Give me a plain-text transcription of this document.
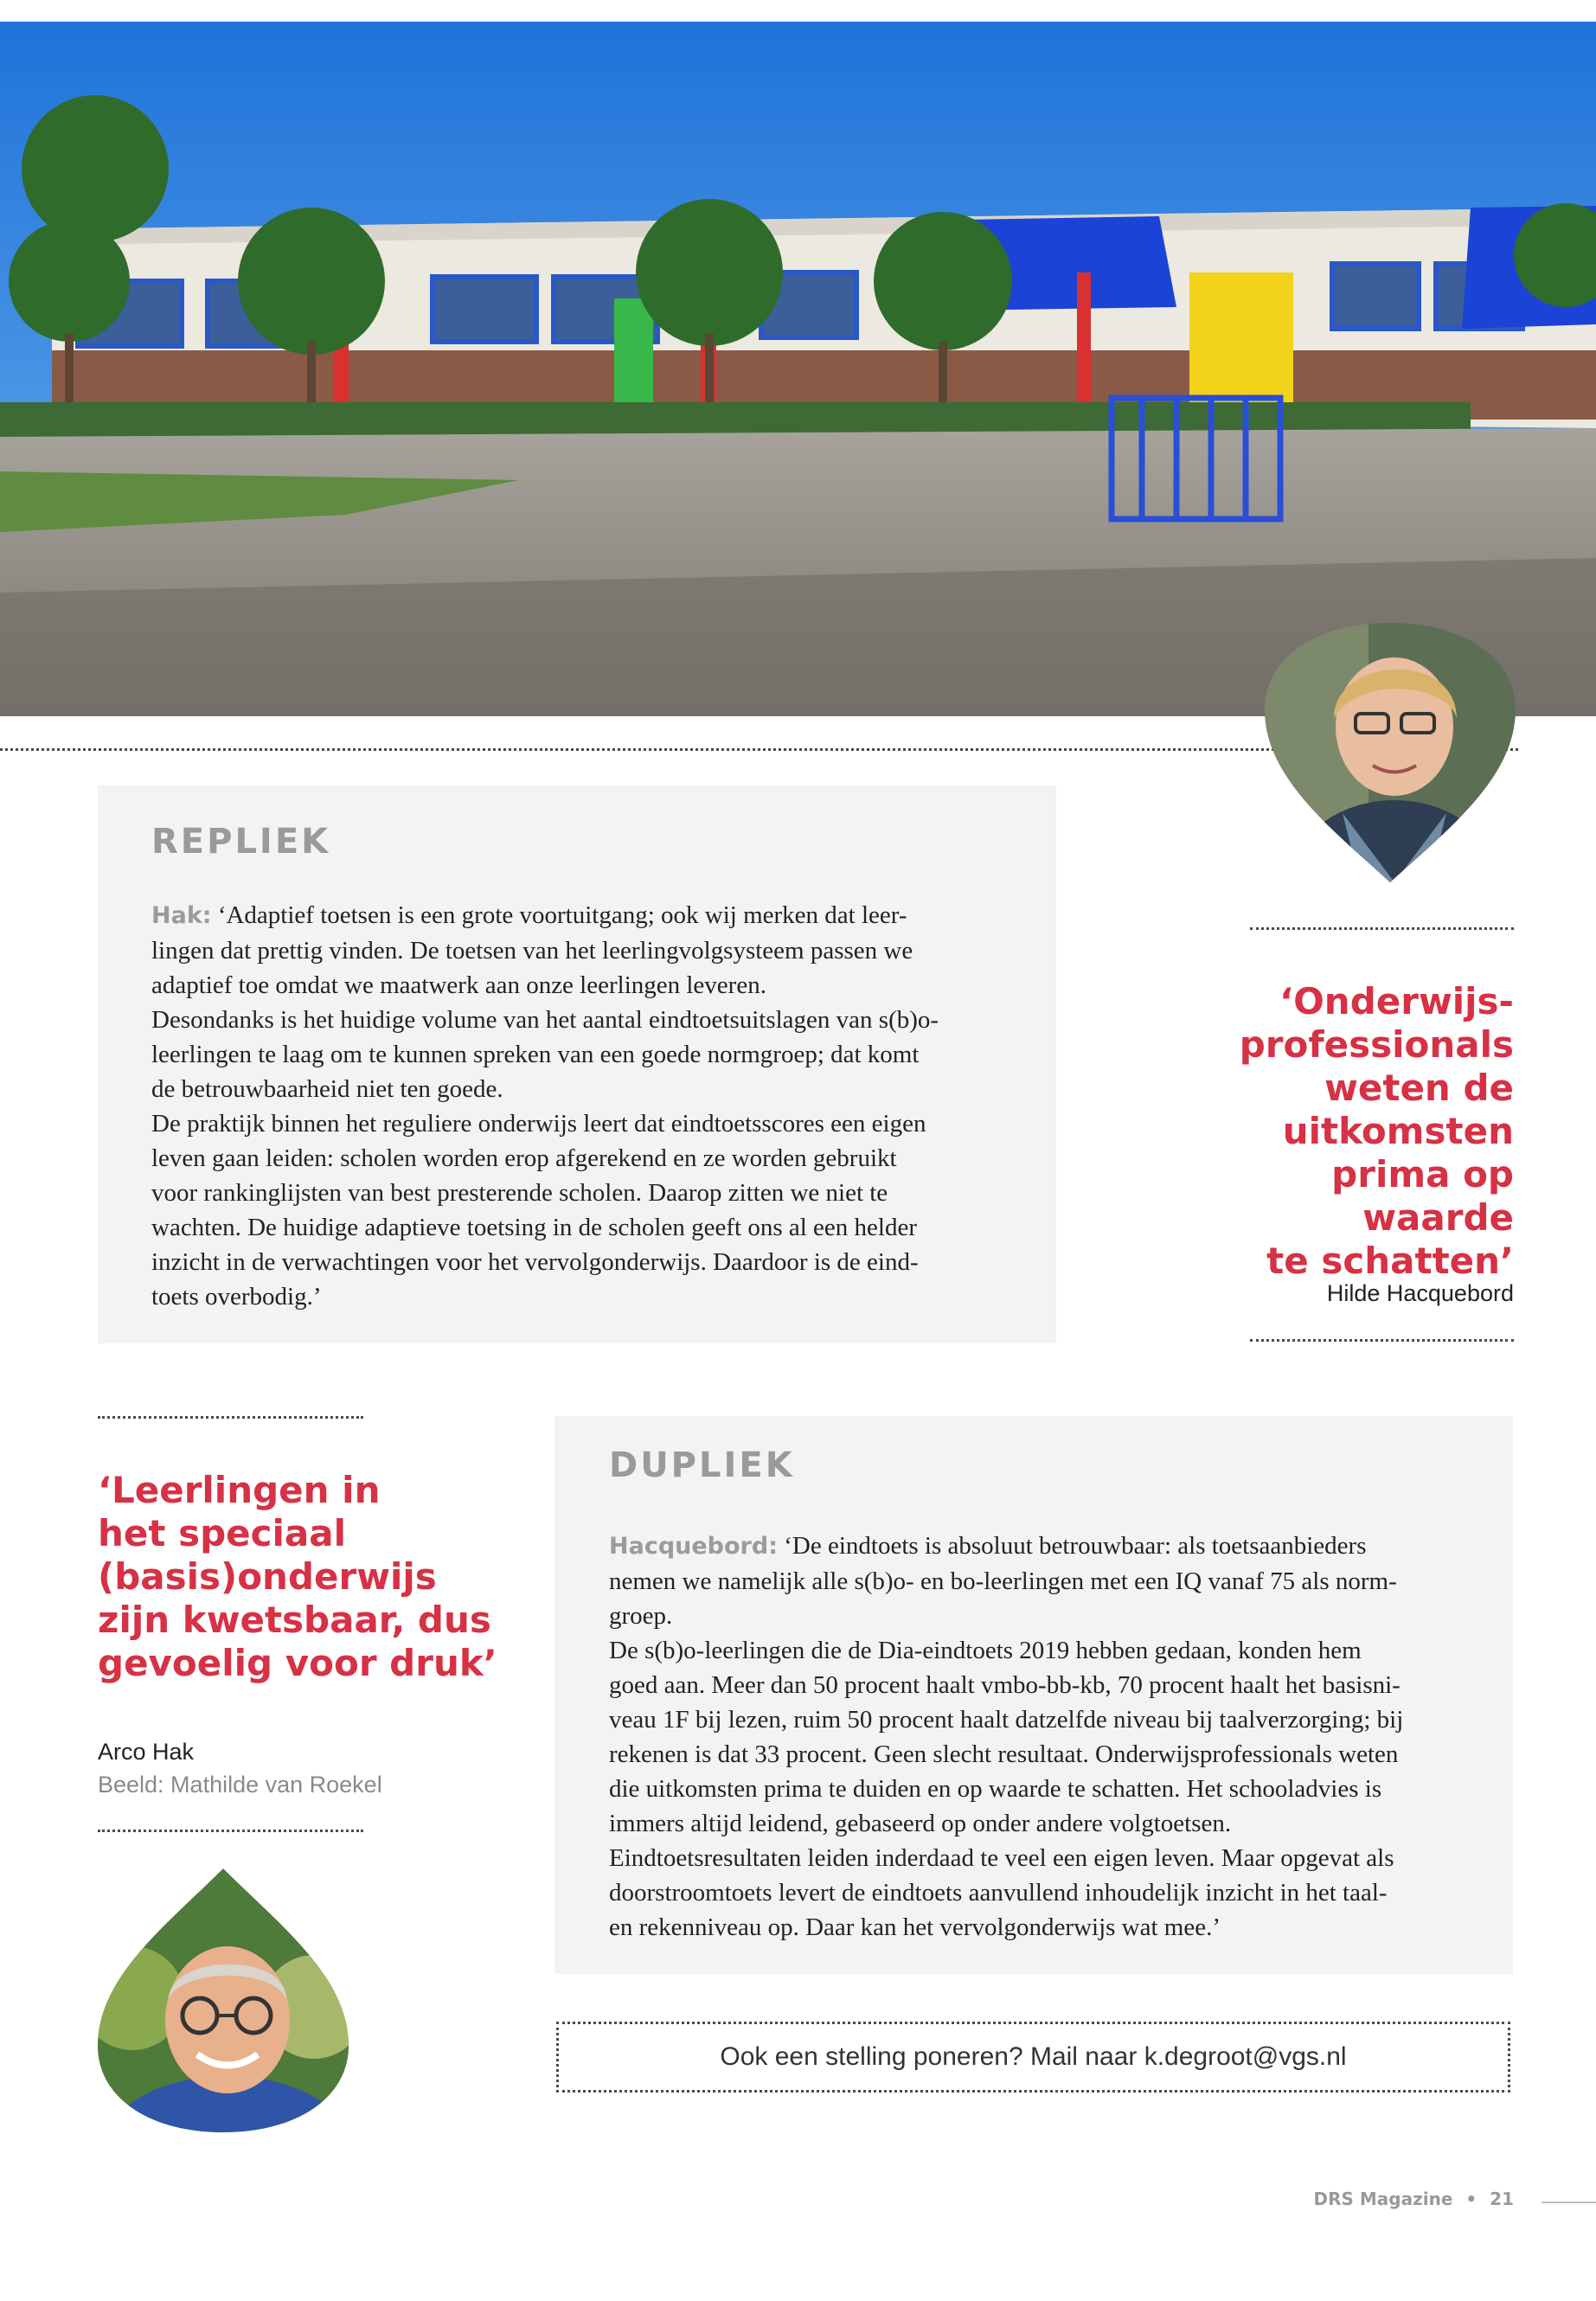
REPLIEK

Hak: ‘Adaptief toetsen is een grote voortuitgang; ook wij merken dat leer-

lingen dat prettig vinden. De toetsen van het leerlingvolgsysteem passen we

adaptief toe omdat we maatwerk aan onze leerlingen leveren.

Desondanks is het huidige volume van het aantal eindtoetsuitslagen van s(b)o-

leerlingen te laag om te kunnen spreken van een goede normgroep; dat komt

de betrouwbaarheid niet ten goede.

De praktijk binnen het reguliere onderwijs leert dat eindtoetsscores een eigen

leven gaan leiden: scholen worden erop afgerekend en ze worden gebruikt

voor rankinglijsten van best presterende scholen. Daarop zitten we niet te

wachten. De huidige adaptieve toetsing in de scholen geeft ons al een helder

inzicht in de verwachtingen voor het vervolgonderwijs. Daardoor is de eind-

toets overbodig.’

‘Onderwijs-
professionals
weten de
uitkomsten
prima op waarde
te schatten’
Hilde Hacquebord
‘Leerlingen in
het speciaal
(basis)onderwijs
zijn kwetsbaar, dus
gevoelig voor druk’
Arco Hak
Beeld: Mathilde van Roekel
DUPLIEK

Hacquebord: ‘De eindtoets is absoluut betrouwbaar: als toetsaanbieders

nemen we namelijk alle s(b)o- en bo-leerlingen met een IQ vanaf 75 als norm-

groep.

De s(b)o-leerlingen die de Dia-eindtoets 2019 hebben gedaan, konden hem

goed aan. Meer dan 50 procent haalt vmbo-bb-kb, 70 procent haalt het basisni-

veau 1F bij lezen, ruim 50 procent haalt datzelfde niveau bij taalverzorging; bij

rekenen is dat 33 procent. Geen slecht resultaat. Onderwijsprofessionals weten

die uitkomsten prima te duiden en op waarde te schatten. Het schooladvies is

immers altijd leidend, gebaseerd op onder andere volgtoetsen.

Eindtoetsresultaten leiden inderdaad te veel een eigen leven. Maar opgevat als

doorstroomtoets levert de eindtoets aanvullend inhoudelijk inzicht in het taal-

en rekenniveau op. Daar kan het vervolgonderwijs wat mee.’

Ook een stelling poneren? Mail naar k.degroot@vgs.nl
DRS Magazine • 21
